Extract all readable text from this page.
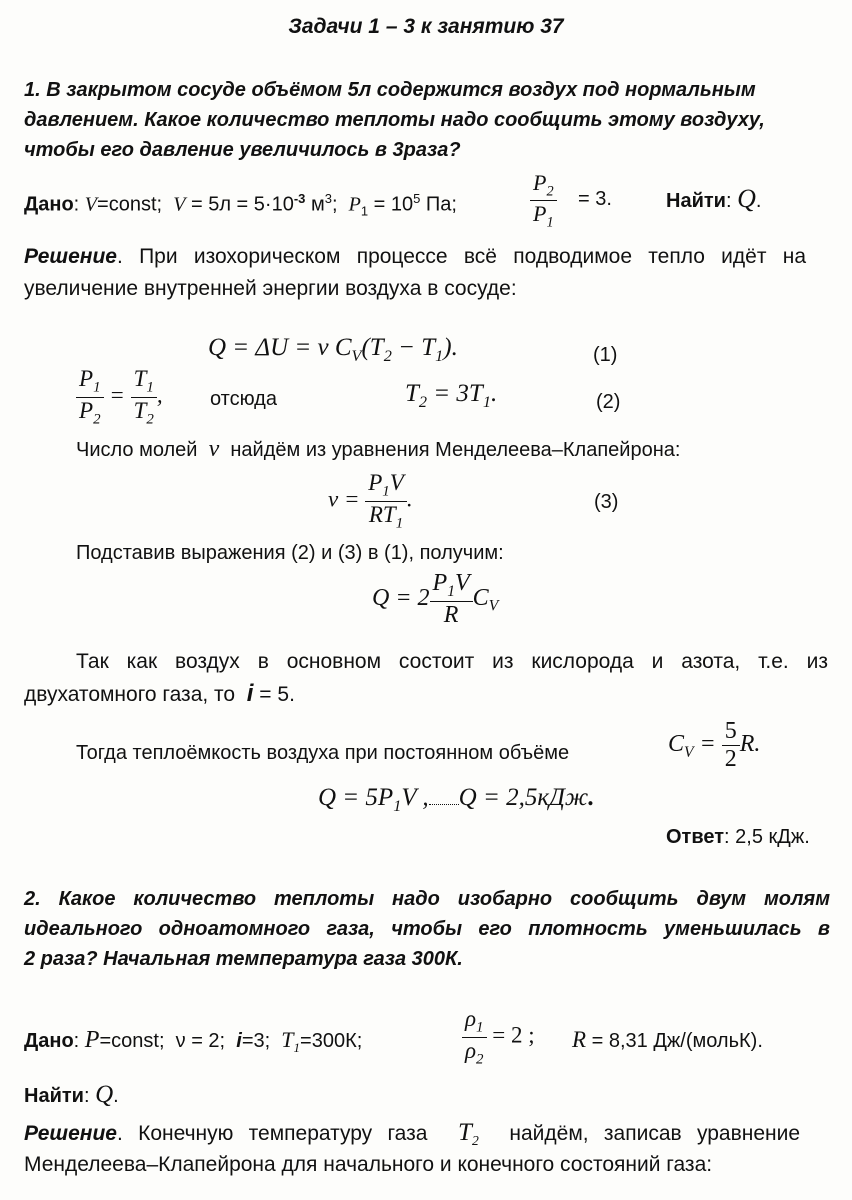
Задачи 1 – 3 к занятию 37
1. В закрытом сосуде объёмом 5л содержится воздух под нормальным
давлением. Какое количество теплоты надо сообщить этому воздуху,
чтобы его давление увеличилось в 3раза?
Дано: V=const; $V = 5л = 5\cdot 10^{-3}$ $м^3$; $P_1 = 10^5$ Па;	$\frac{P_2}{P_1} = 3$.	Найти: Q.
Решение. При изохорическом процессе всё подводимое тепло идёт на
увеличение внутренней энергии воздуха в сосуде:
Q = ΔU = ν $C_V(T_2 - T_1)$.	(1)
$\frac{P_1}{P_2} = \frac{T_1}{T_2}$ , отсюда	$T_2 = 3T_1$.	(2)
Число молей ν найдём из уравнения Менделеева–Клапейрона:
$\nu = \frac{P_1V}{RT_1}$ .	(3)
Подставив выражения (2) и (3) в (1), получим:
$Q = 2 \frac{P_1V}{R} C_V$
Так как воздух в основном состоит из кислорода и азота, т.е. из
двухатомного газа, то i = 5.
Тогда теплоёмкость воздуха при постоянном объёме	$C_V = \frac{5}{2} R$.
$Q = 5P_1V$ , Q = 2,5кДж.
Ответ: 2,5 кДж.
2. Какое количество теплоты надо изобарно сообщить двум молям
идеального одноатомного газа, чтобы его плотность уменьшилась в
2 раза? Начальная температура газа 300К.
Дано: P=const; ν = 2; i=3; $T_1=300К$;	$\frac{\rho_1}{\rho_2} = 2$ ; R = 8,31 Дж/(мольК).
Найти: Q.
Решение. Конечную температуру газа $T_2$ найдём, записав уравнение
Менделеева–Клапейрона для начального и конечного состояний газа:
